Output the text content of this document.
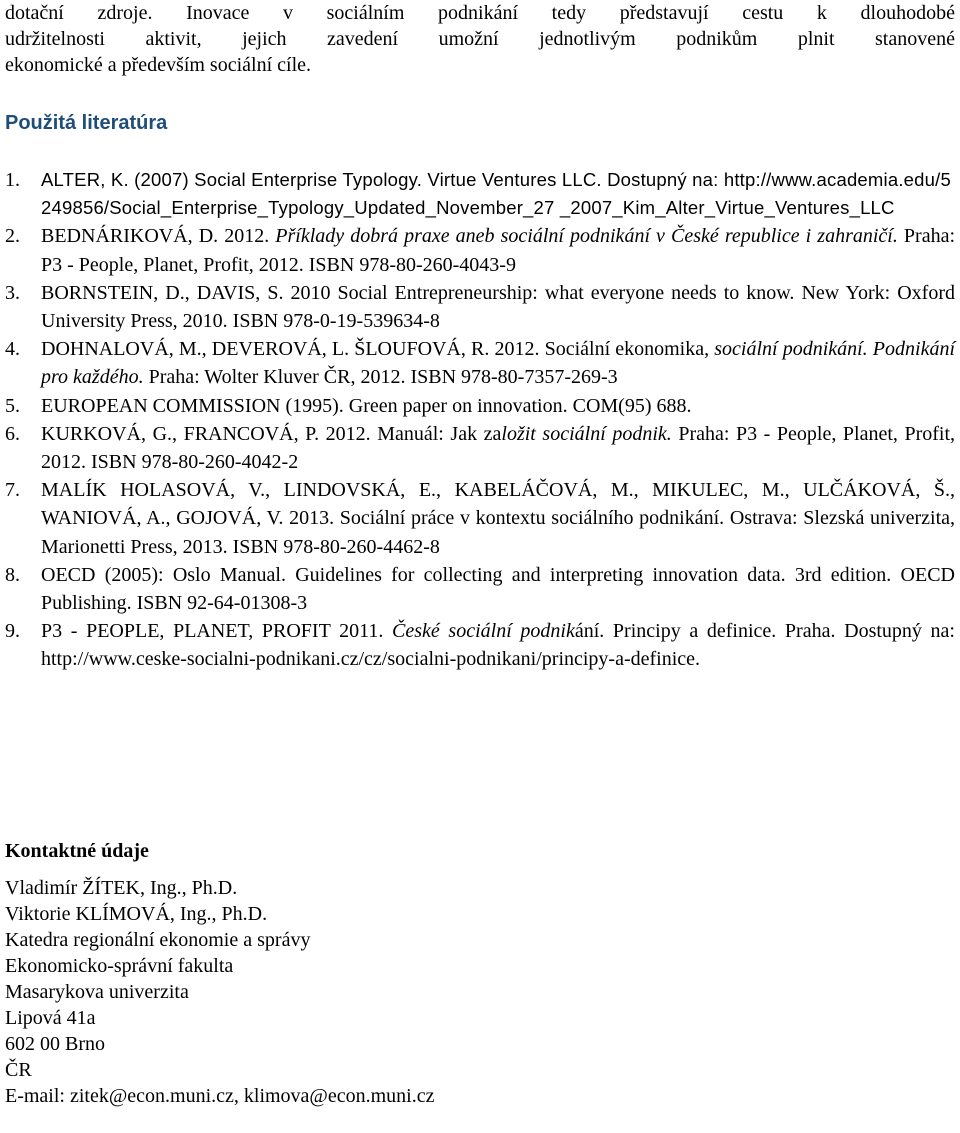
dotační zdroje. Inovace v sociálním podnikání tedy představují cestu k dlouhodobé
udržitelnosti aktivit, jejich zavedení umožní jednotlivým podnikům plnit stanovené
ekonomické a především sociální cíle.

Použitá literatúra
1. ALTER, K. (2007) Social Enterprise Typology. Virtue Ventures LLC. Dostupný na: http://www.academia.edu/5249856/Social_Enterprise_Typology_Updated_November_27 _2007_Kim_Alter_Virtue_Ventures_LLC
2. BEDNÁRIKOVÁ, D. 2012. Příklady dobrá praxe aneb sociální podnikání v České republice i zahraničí. Praha: P3 - People, Planet, Profit, 2012. ISBN 978-80-260-4043-9
3. BORNSTEIN, D., DAVIS, S. 2010 Social Entrepreneurship: what everyone needs to know. New York: Oxford University Press, 2010. ISBN 978-0-19-539634-8
4. DOHNALOVÁ, M., DEVEROVÁ, L. ŠLOUFOVÁ, R. 2012. Sociální ekonomika, sociální podnikání. Podnikání pro každého. Praha: Wolter Kluver ČR, 2012. ISBN 978-80-7357-269-3
5. EUROPEAN COMMISSION (1995). Green paper on innovation. COM(95) 688.
6. KURKOVÁ, G., FRANCOVÁ, P. 2012. Manuál: Jak založit sociální podnik. Praha: P3 - People, Planet, Profit, 2012. ISBN 978-80-260-4042-2
7. MALÍK HOLASOVÁ, V., LINDOVSKÁ, E., KABELÁČOVÁ, M., MIKULEC, M., ULČÁKOVÁ, Š., WANIOVÁ, A., GOJOVÁ, V. 2013. Sociální práce v kontextu sociálního podnikání. Ostrava: Slezská univerzita, Marionetti Press, 2013. ISBN 978-80-260-4462-8
8. OECD (2005): Oslo Manual. Guidelines for collecting and interpreting innovation data. 3rd edition. OECD Publishing. ISBN 92-64-01308-3
9. P3 - PEOPLE, PLANET, PROFIT 2011. České sociální podnikání. Principy a definice. Praha. Dostupný na: http://www.ceske-socialni-podnikani.cz/cz/socialni-podnikani/principy-a-definice.
Kontaktné údaje
Vladimír ŽÍTEK, Ing., Ph.D.
Viktorie KLÍMOVÁ, Ing., Ph.D.
Katedra regionální ekonomie a správy
Ekonomicko-správní fakulta
Masarykova univerzita
Lipová 41a
602 00 Brno
ČR
E-mail: zitek@econ.muni.cz, klimova@econ.muni.cz
